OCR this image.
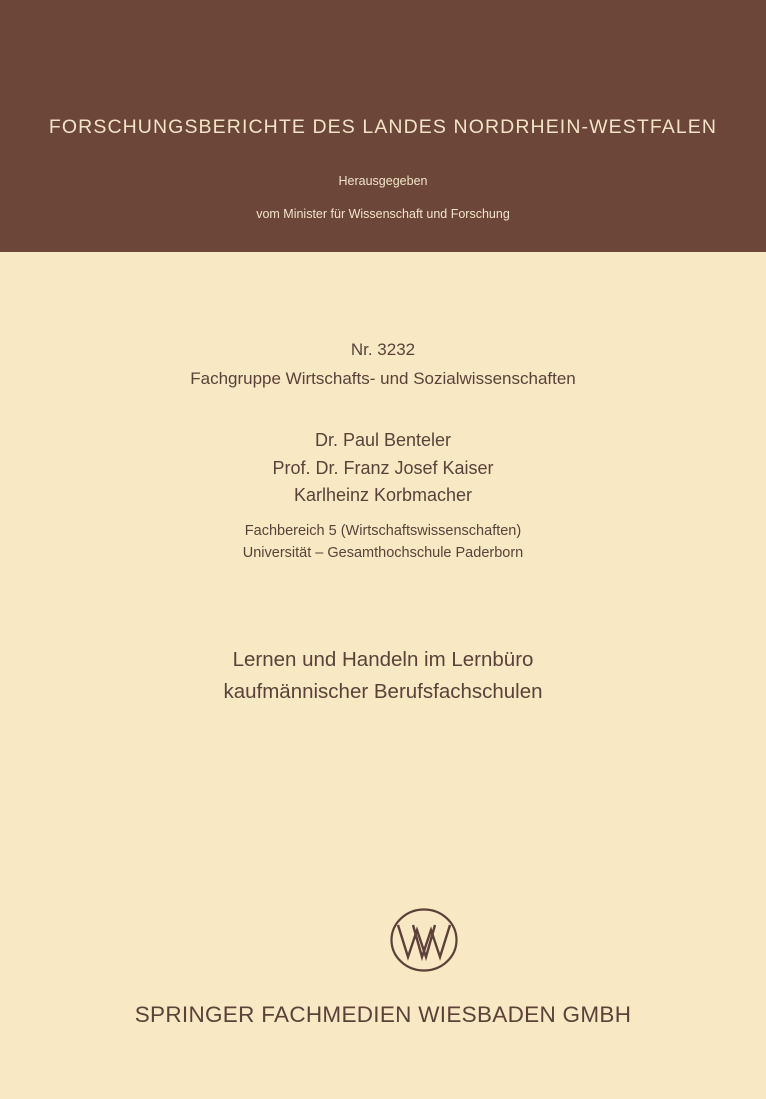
FORSCHUNGSBERICHTE DES LANDES NORDRHEIN-WESTFALEN
Herausgegeben
vom Minister für Wissenschaft und Forschung
Nr. 3232
Fachgruppe Wirtschafts- und Sozialwissenschaften
Dr. Paul Benteler
Prof. Dr. Franz Josef Kaiser
Karlheinz Korbmacher
Fachbereich 5 (Wirtschaftswissenschaften)
Universität – Gesamthochschule Paderborn
Lernen und Handeln im Lernbüro
kaufmännischer Berufsfachschulen
SPRINGER FACHMEDIEN WIESBADEN GMBH
